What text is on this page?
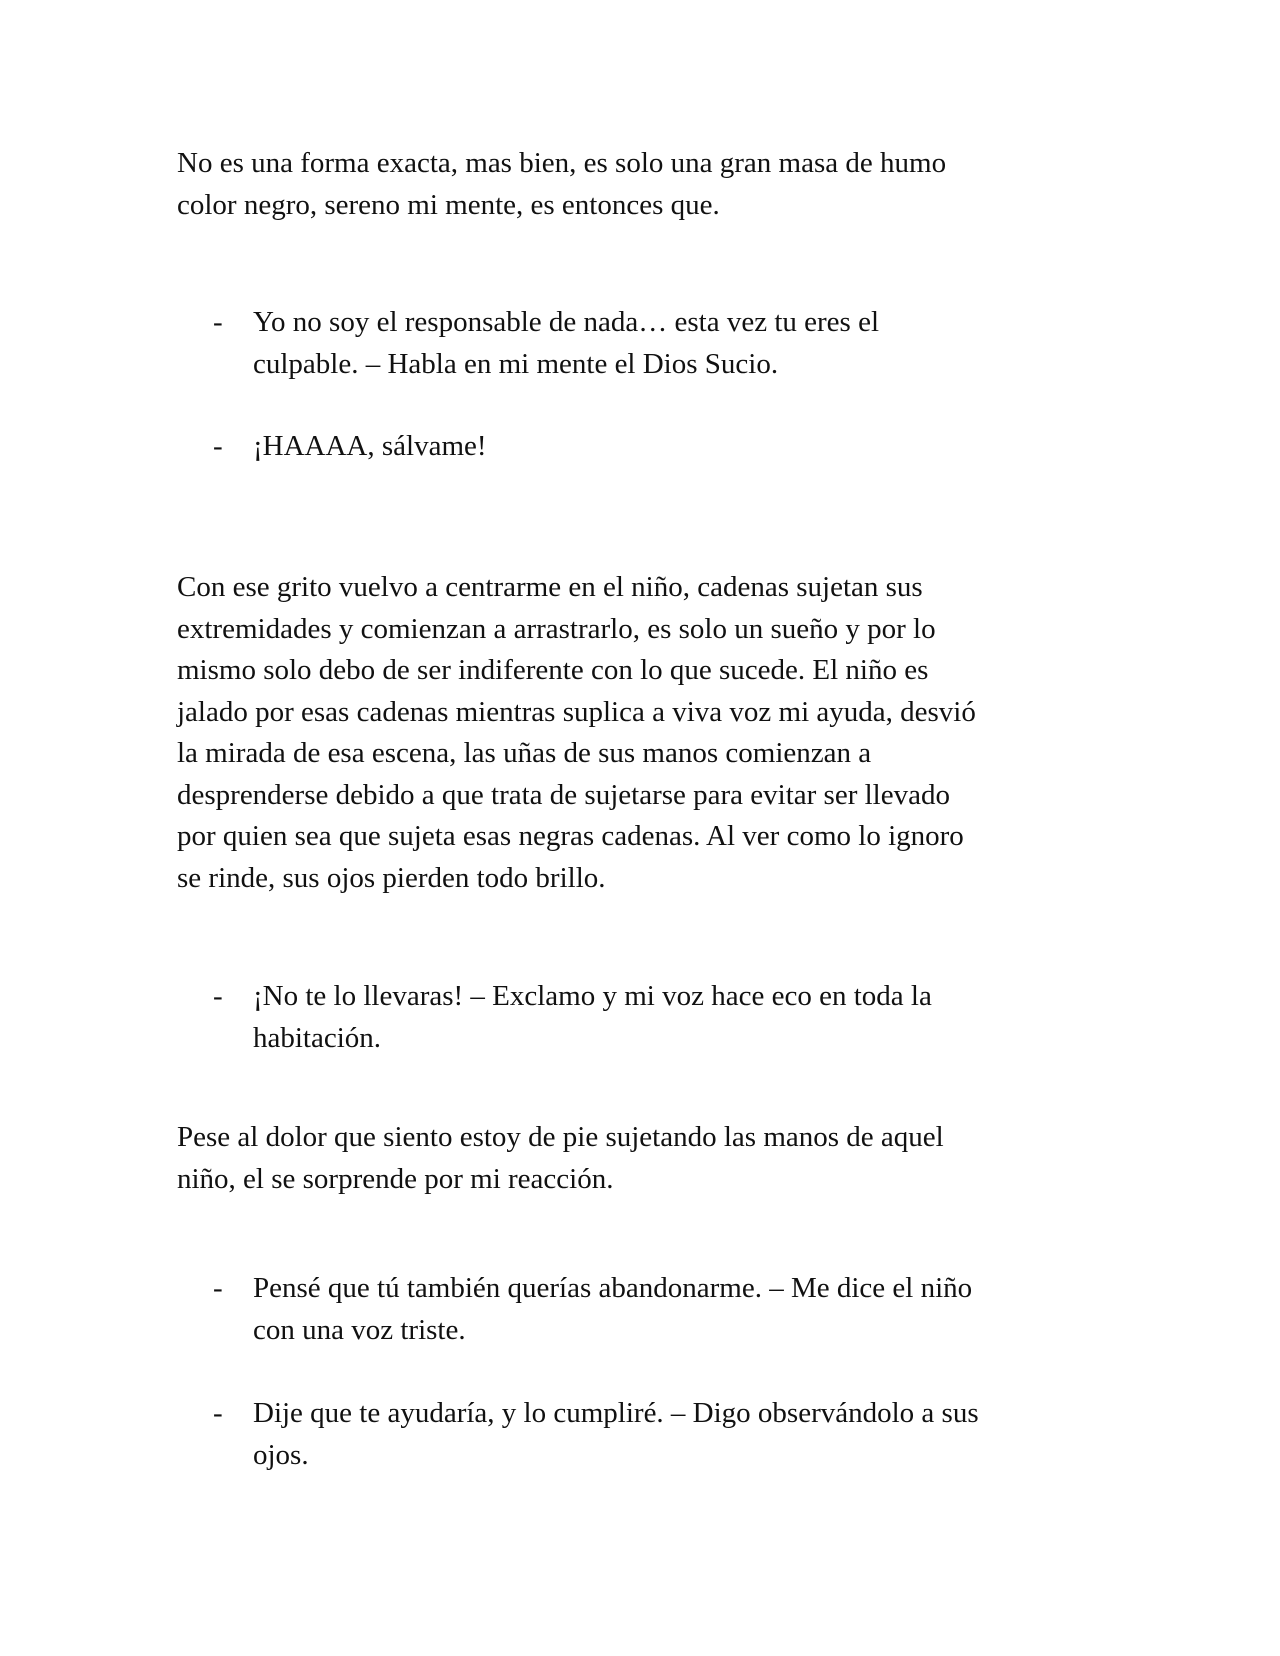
No es una forma exacta, mas bien, es solo una gran masa de humo
color negro, sereno mi mente, es entonces que.

-	Yo no soy el responsable de nada… esta vez tu eres el
culpable. – Habla en mi mente el Dios Sucio.
-	¡HAAAA, sálvame!

Con ese grito vuelvo a centrarme en el niño, cadenas sujetan sus
extremidades y comienzan a arrastrarlo, es solo un sueño y por lo
mismo solo debo de ser indiferente con lo que sucede. El niño es
jalado por esas cadenas mientras suplica a viva voz mi ayuda, desvió
la mirada de esa escena, las uñas de sus manos comienzan a
desprenderse debido a que trata de sujetarse para evitar ser llevado
por quien sea que sujeta esas negras cadenas. Al ver como lo ignoro
se rinde, sus ojos pierden todo brillo.

-	¡No te lo llevaras! – Exclamo y mi voz hace eco en toda la
habitación.

Pese al dolor que siento estoy de pie sujetando las manos de aquel
niño, el se sorprende por mi reacción.

-	Pensé que tú también querías abandonarme. – Me dice el niño
con una voz triste.
-	Dije que te ayudaría, y lo cumpliré. – Digo observándolo a sus
ojos.
